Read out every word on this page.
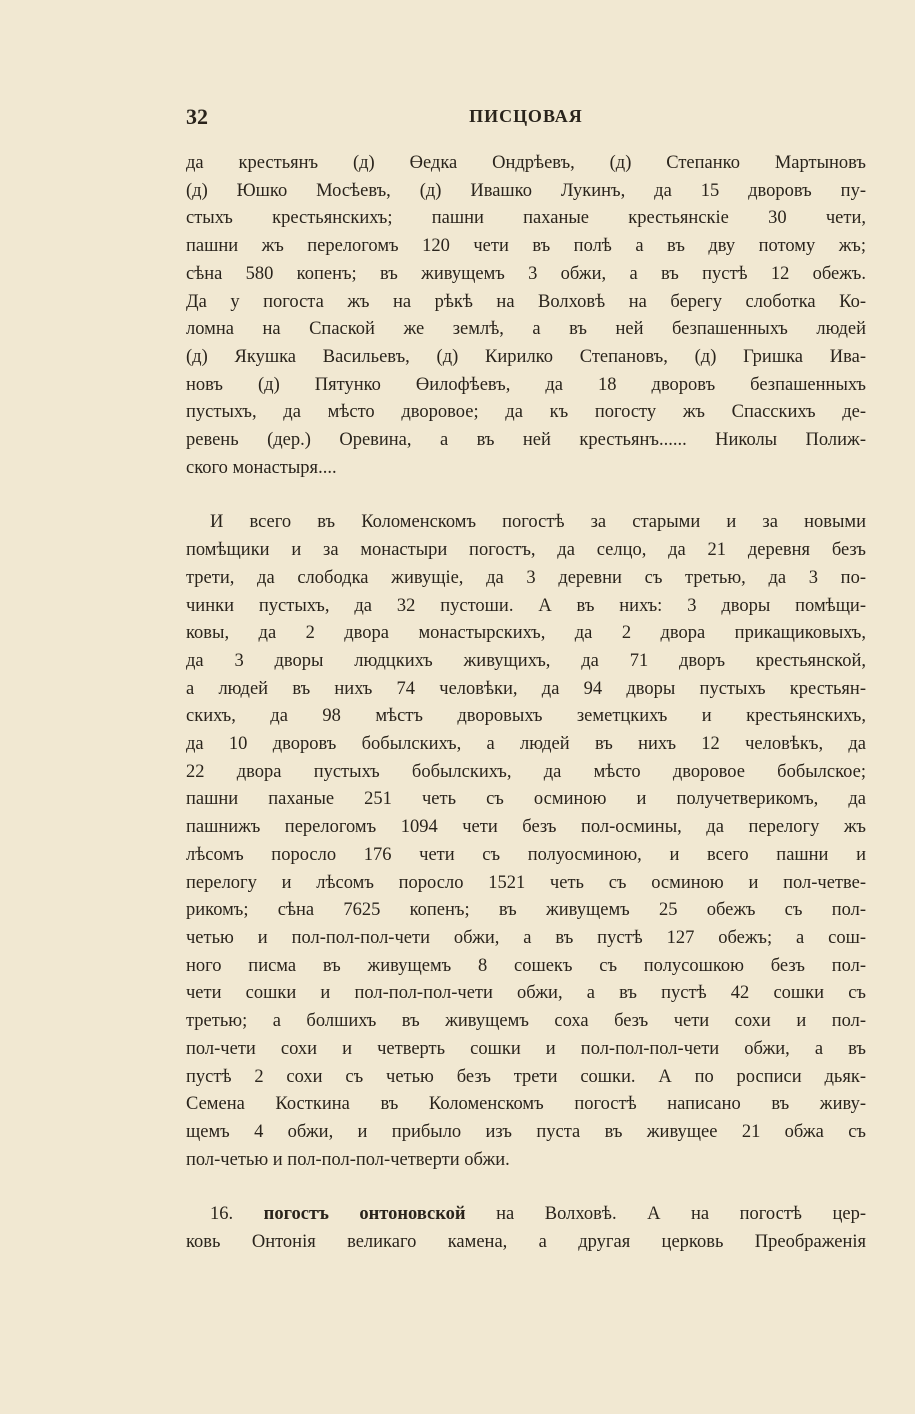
32	ПИСЦОВАЯ
да крестьянъ (д) Өедка Ондрѣевъ, (д) Степанко Мартыновъ
(д) Юшко Мосѣевъ, (д) Ивашко Лукинъ, да 15 дворовъ пу-
стыхъ крестьянскихъ; пашни паханые крестьянскіе 30 чети,
пашни жъ перелогомъ 120 чети въ полѣ а въ дву потому жъ;
сѣна 580 копенъ; въ живущемъ 3 обжи, а въ пустѣ 12 обежъ.
Да у погоста жъ на рѣкѣ на Волховѣ на берегу слоботка Ко-
ломна на Спаской же землѣ, а въ ней безпашенныхъ людей
(д) Якушка Васильевъ, (д) Кирилко Степановъ, (д) Гришка Ива-
новъ (д) Пятунко Өилофѣевъ, да 18 дворовъ безпашенныхъ
пустыхъ, да мѣсто дворовое; да къ погосту жъ Спасскихъ де-
ревень (дер.) Оревина, а въ ней крестьянъ...... Николы Полиж-
ского монастыря....
И всего въ Коломенскомъ погостѣ за старыми и за новыми
помѣщики и за монастыри погостъ, да селцо, да 21 деревня безъ
трети, да слободка живущіе, да 3 деревни съ третью, да 3 по-
чинки пустыхъ, да 32 пустоши. А въ нихъ: 3 дворы помѣщи-
ковы, да 2 двора монастырскихъ, да 2 двора прикащиковыхъ,
да 3 дворы людцкихъ живущихъ, да 71 дворъ крестьянской,
а людей въ нихъ 74 человѣки, да 94 дворы пустыхъ крестьян-
скихъ, да 98 мѣстъ дворовыхъ земетцкихъ и крестьянскихъ,
да 10 дворовъ бобылскихъ, а людей въ нихъ 12 человѣкъ, да
22 двора пустыхъ бобылскихъ, да мѣсто дворовое бобылское;
пашни паханые 251 четь съ осминою и получетверикомъ, да
пашнижъ перелогомъ 1094 чети безъ пол-осмины, да перелогу жъ
лѣсомъ поросло 176 чети съ полуосминою, и всего пашни и
перелогу и лѣсомъ поросло 1521 четь съ осминою и пол-четве-
рикомъ; сѣна 7625 копенъ; въ живущемъ 25 обежъ съ пол-
четью и пол-пол-пол-чети обжи, а въ пустѣ 127 обежъ; а сош-
ного писма въ живущемъ 8 сошекъ съ полусошкою безъ пол-
чети сошки и пол-пол-пол-чети обжи, а въ пустѣ 42 сошки съ
третью; а болшихъ въ живущемъ соха безъ чети сохи и пол-
пол-чети сохи и четверть сошки и пол-пол-пол-чети обжи, а въ
пустѣ 2 сохи съ четью безъ трети сошки. А по росписи дьяк-
Семена Косткина въ Коломенскомъ погостѣ написано въ живу-
щемъ 4 обжи, и прибыло изъ пуста въ живущее 21 обжа съ
пол-четью и пол-пол-пол-четверти обжи.
16. погостъ онтоновской на Волховѣ. А на погостѣ цер-
ковь Онтонія великаго камена, а другая церковь Преображенія
